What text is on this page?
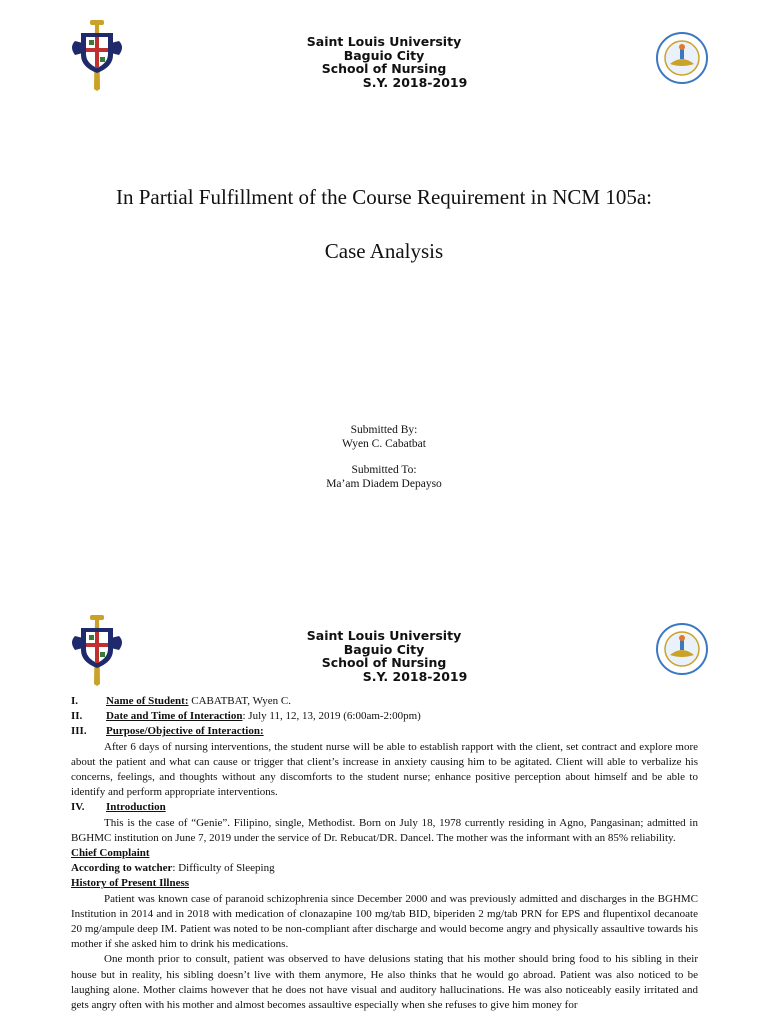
Saint Louis University
Baguio City
School of Nursing
S.Y. 2018-2019
In Partial Fulfillment of the Course Requirement in NCM 105a:
Case Analysis
Submitted By:
Wyen C. Cabatbat
Submitted To:
Ma’am Diadem Depayso
Saint Louis University
Baguio City
School of Nursing
S.Y. 2018-2019
I.	Name of Student: CABATBAT, Wyen C.
II.	Date and Time of Interaction: July 11, 12, 13, 2019 (6:00am-2:00pm)
III.	Purpose/Objective of Interaction:

After 6 days of nursing interventions, the student nurse will be able to establish rapport with the client, set contract and explore more about the patient and what can cause or trigger that client’s increase in anxiety causing him to be agitated. Client will able to verbalize his concerns, feelings, and thoughts without any discomforts to the student nurse; enhance positive perception about himself and be able to identify and perform appropriate interventions.

IV.	Introduction

This is the case of “Genie”. Filipino, single, Methodist. Born on July 18, 1978 currently residing in Agno, Pangasinan; admitted in BGHMC institution on June 7, 2019 under the service of Dr. Rebucat/DR. Dancel. The mother was the informant with an 85% reliability.

Chief Complaint
According to watcher: Difficulty of Sleeping
History of Present Illness

Patient was known case of paranoid schizophrenia since December 2000 and was previously admitted and discharges in the BGHMC Institution in 2014 and in 2018 with medication of clonazapine 100 mg/tab BID, biperiden 2 mg/tab PRN for EPS and flupentixol decanoate 20 mg/ampule deep IM. Patient was noted to be non-compliant after discharge and would become angry and physically assaultive towards his mother if she asked him to drink his medications.

One month prior to consult, patient was observed to have delusions stating that his mother should bring food to his sibling in their house but in reality, his sibling doesn’t live with them anymore, He also thinks that he would go abroad. Patient was also noticed to be laughing alone. Mother claims however that he does not have visual and auditory hallucinations. He was also noticeably easily irritated and gets angry often with his mother and almost becomes assaultive especially when she refuses to give him money for
